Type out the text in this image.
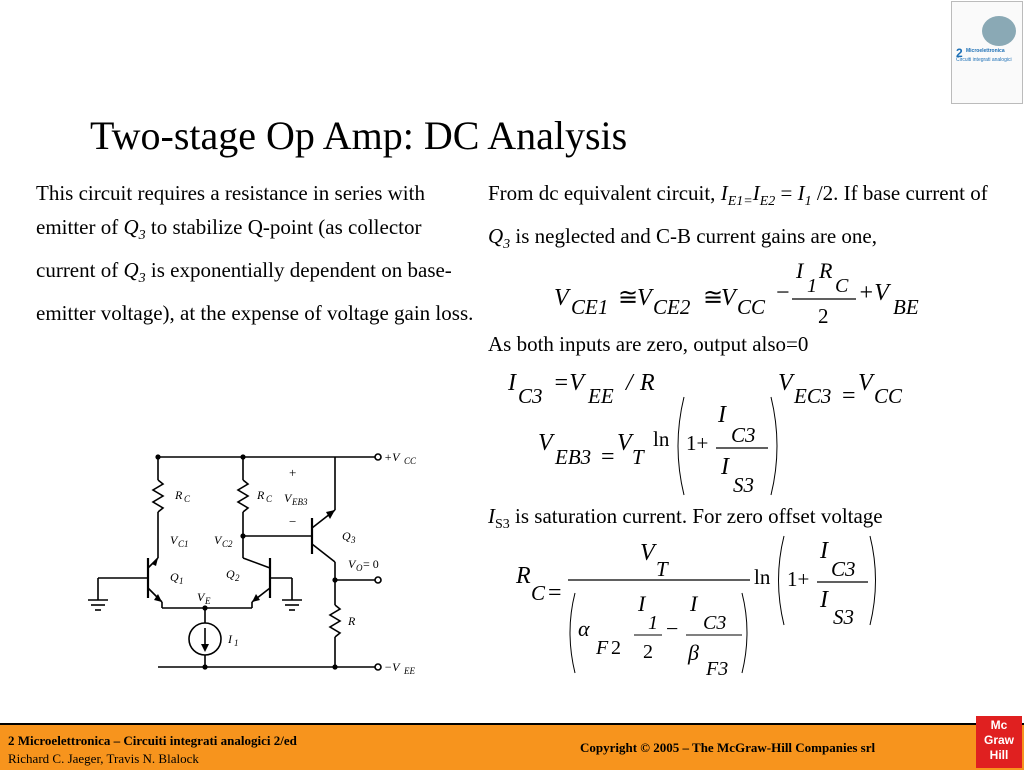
2 Microelettronica
Circuiti integrati analogici
Two-stage Op Amp: DC Analysis
This circuit requires a resistance in series with emitter of $Q_3$ to stabilize Q-point (as collector current of $Q_3$ is exponentially dependent on base-emitter voltage), at the expense of voltage gain loss.
From dc equivalent circuit, $I_{E1=}I_{E2} = I_1$ /2. If base current of $Q_3$ is neglected and C-B current gains are one,
As both inputs are zero, output also=0
$I_{S3}$ is saturation current. For zero offset voltage
V CE1 ≅
V CE2 ≅
V CC
−
I
1
R
C
2
+V
BE
I C3 =V EE / R	V EC3 = V CC
V
EB3 =
V
T
ln 1+
I
C3
I
S3
R
C =
V
T
α
F 2
I
1
2
−
I
C3
β
F3
ln 1+
I
C3
I
S3
+V CC
−V EE
R C	R C V EB3
+
−
V C1 V C2
Q 1	Q 2
Q 3
V E
V O = 0
R
I 1
2 Microelettronica – Circuiti integrati analogici 2/ed
Richard C. Jaeger, Travis N. Blalock
Copyright © 2005 – The McGraw-Hill Companies srl
Mc
Graw
Hill
